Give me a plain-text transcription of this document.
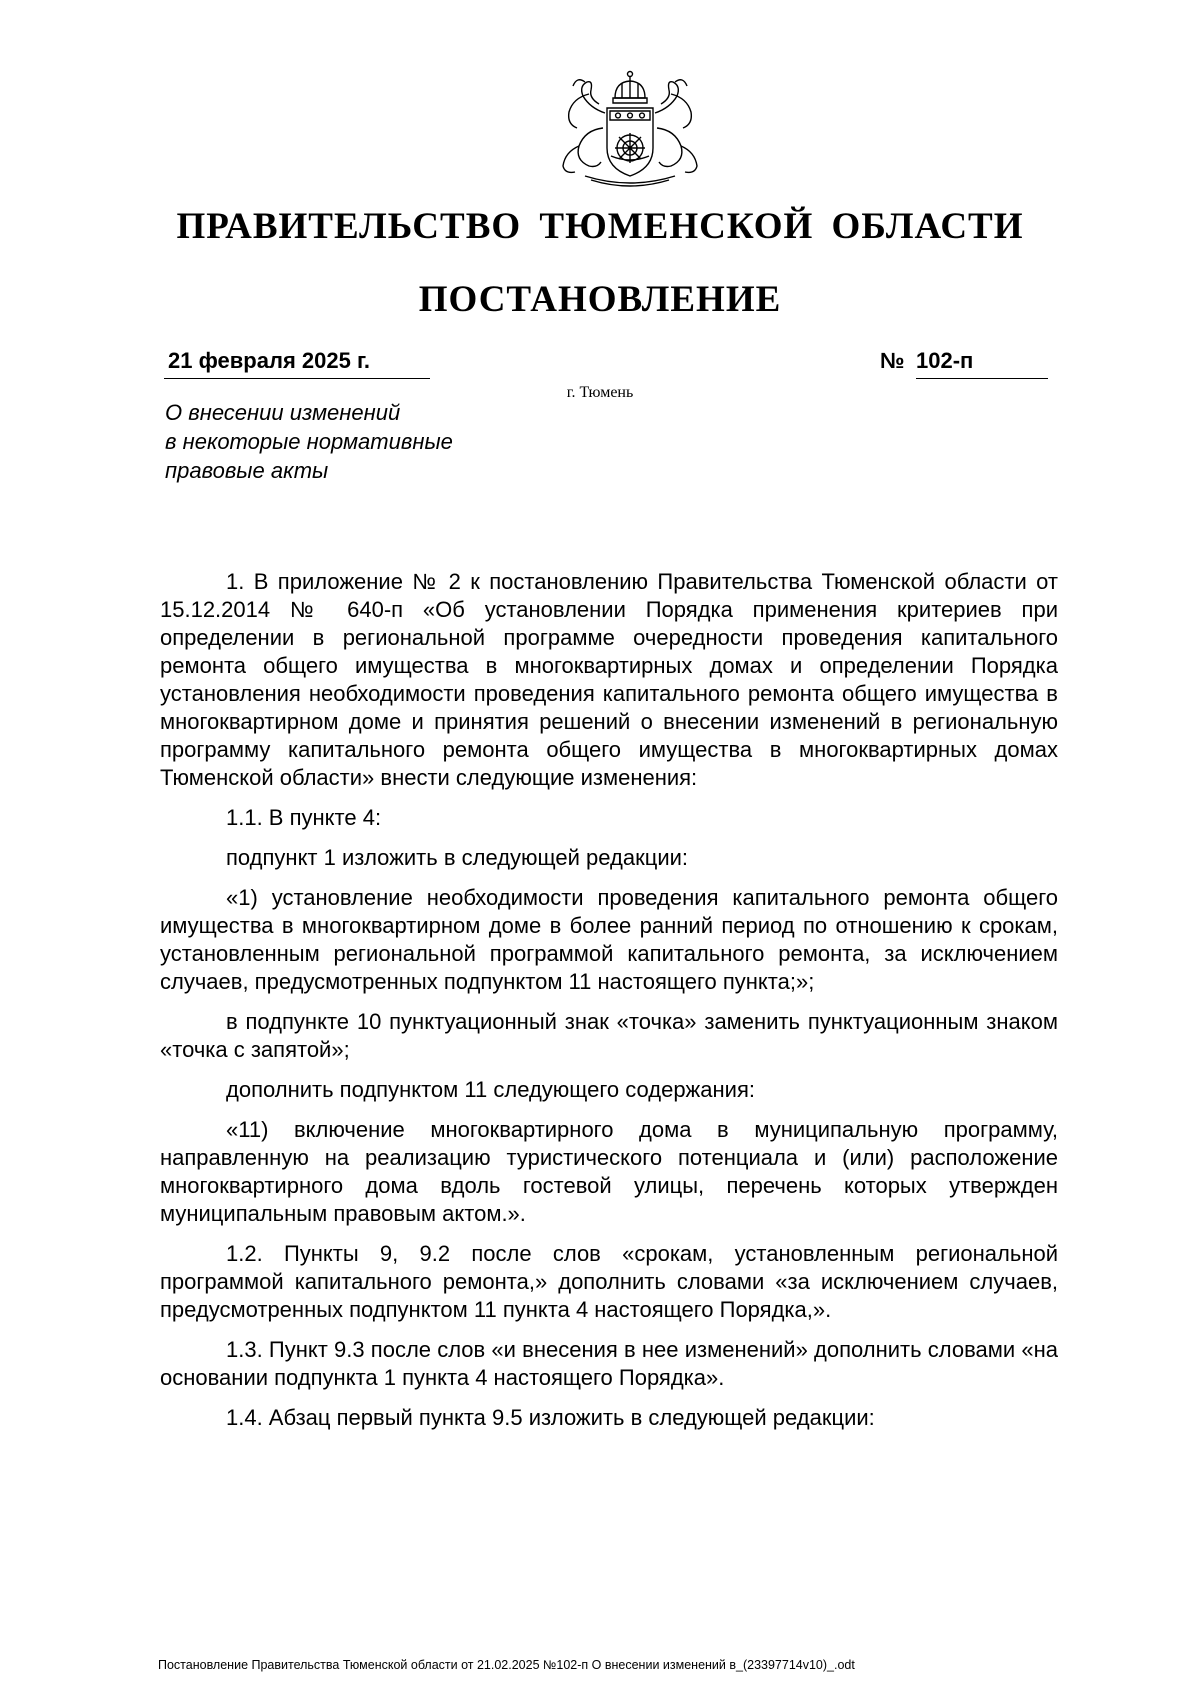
ПРАВИТЕЛЬСТВО ТЮМЕНСКОЙ ОБЛАСТИ
ПОСТАНОВЛЕНИЕ
21 февраля 2025 г.	№ 102-п
г. Тюмень
О внесении изменений
в некоторые нормативные
правовые акты

1. В приложение № 2 к постановлению Правительства Тюменской области от 15.12.2014 № 640-п «Об установлении Порядка применения критериев при определении в региональной программе очередности проведения капитального ремонта общего имущества в многоквартирных домах и определении Порядка установления необходимости проведения капитального ремонта общего имущества в многоквартирном доме и принятия решений о внесении изменений в региональную программу капитального ремонта общего имущества в многоквартирных домах Тюменской области» внести следующие изменения:

1.1. В пункте 4:

подпункт 1 изложить в следующей редакции:

«1) установление необходимости проведения капитального ремонта общего имущества в многоквартирном доме в более ранний период по отношению к срокам, установленным региональной программой капитального ремонта, за исключением случаев, предусмотренных подпунктом 11 настоящего пункта;»;

в подпункте 10 пунктуационный знак «точка» заменить пунктуационным знаком «точка с запятой»;

дополнить подпунктом 11 следующего содержания:

«11) включение многоквартирного дома в муниципальную программу, направленную на реализацию туристического потенциала и (или) расположение многоквартирного дома вдоль гостевой улицы, перечень которых утвержден муниципальным правовым актом.».

1.2. Пункты 9, 9.2 после слов «срокам, установленным региональной программой капитального ремонта,» дополнить словами «за исключением случаев, предусмотренных подпунктом 11 пункта 4 настоящего Порядка,».

1.3. Пункт 9.3 после слов «и внесения в нее изменений» дополнить словами «на основании подпункта 1 пункта 4 настоящего Порядка».

1.4. Абзац первый пункта 9.5 изложить в следующей редакции:

Постановление Правительства Тюменской области от 21.02.2025 №102-п О внесении изменений в_(23397714v10)_.odt
